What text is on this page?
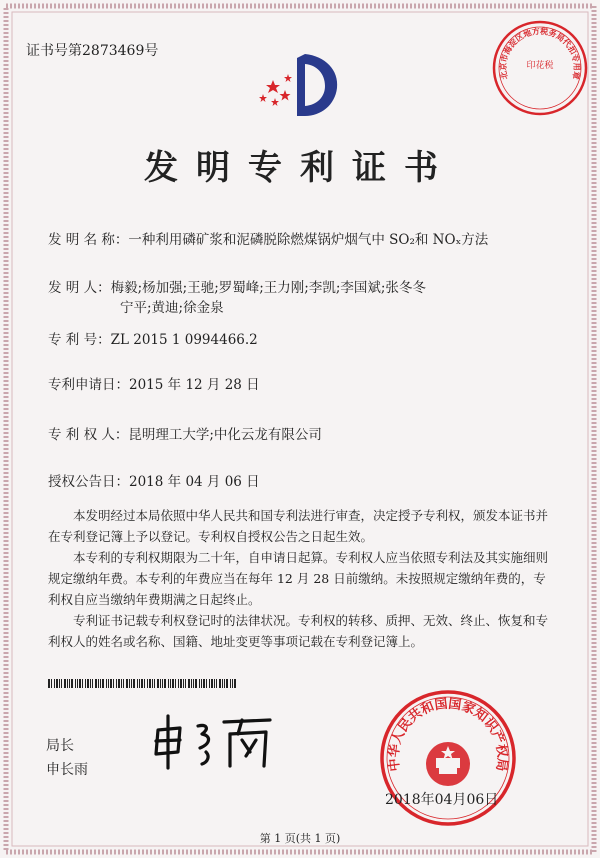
证书号第2873469号
印花税
北京市海淀区地方税务局代扣专用章
发明专利证书
发 明 名 称：一种利用磷矿浆和泥磷脱除燃煤锅炉烟气中 SO₂和 NOₓ方法
发 明 人：梅毅;杨加强;王驰;罗蜀峰;王力刚;李凯;李国斌;张冬冬
宁平;黄迪;徐金泉
专 利 号：ZL 2015 1 0994466.2
专利申请日：2015 年 12 月 28 日
专 利 权 人：昆明理工大学;中化云龙有限公司
授权公告日：2018 年 04 月 06 日

本发明经过本局依照中华人民共和国专利法进行审查，决定授予专利权，颁发本证书并在专利登记簿上予以登记。专利权自授权公告之日起生效。

本专利的专利权期限为二十年，自申请日起算。专利权人应当依照专利法及其实施细则规定缴纳年费。本专利的年费应当在每年 12 月 28 日前缴纳。未按照规定缴纳年费的，专利权自应当缴纳年费期满之日起终止。

专利证书记载专利权登记时的法律状况。专利权的转移、质押、无效、终止、恢复和专利权人的姓名或名称、国籍、地址变更等事项记载在专利登记簿上。

局长
申长雨	中华人民共和国国家知识产权局
2018年04月06日
第 1 页(共 1 页)
